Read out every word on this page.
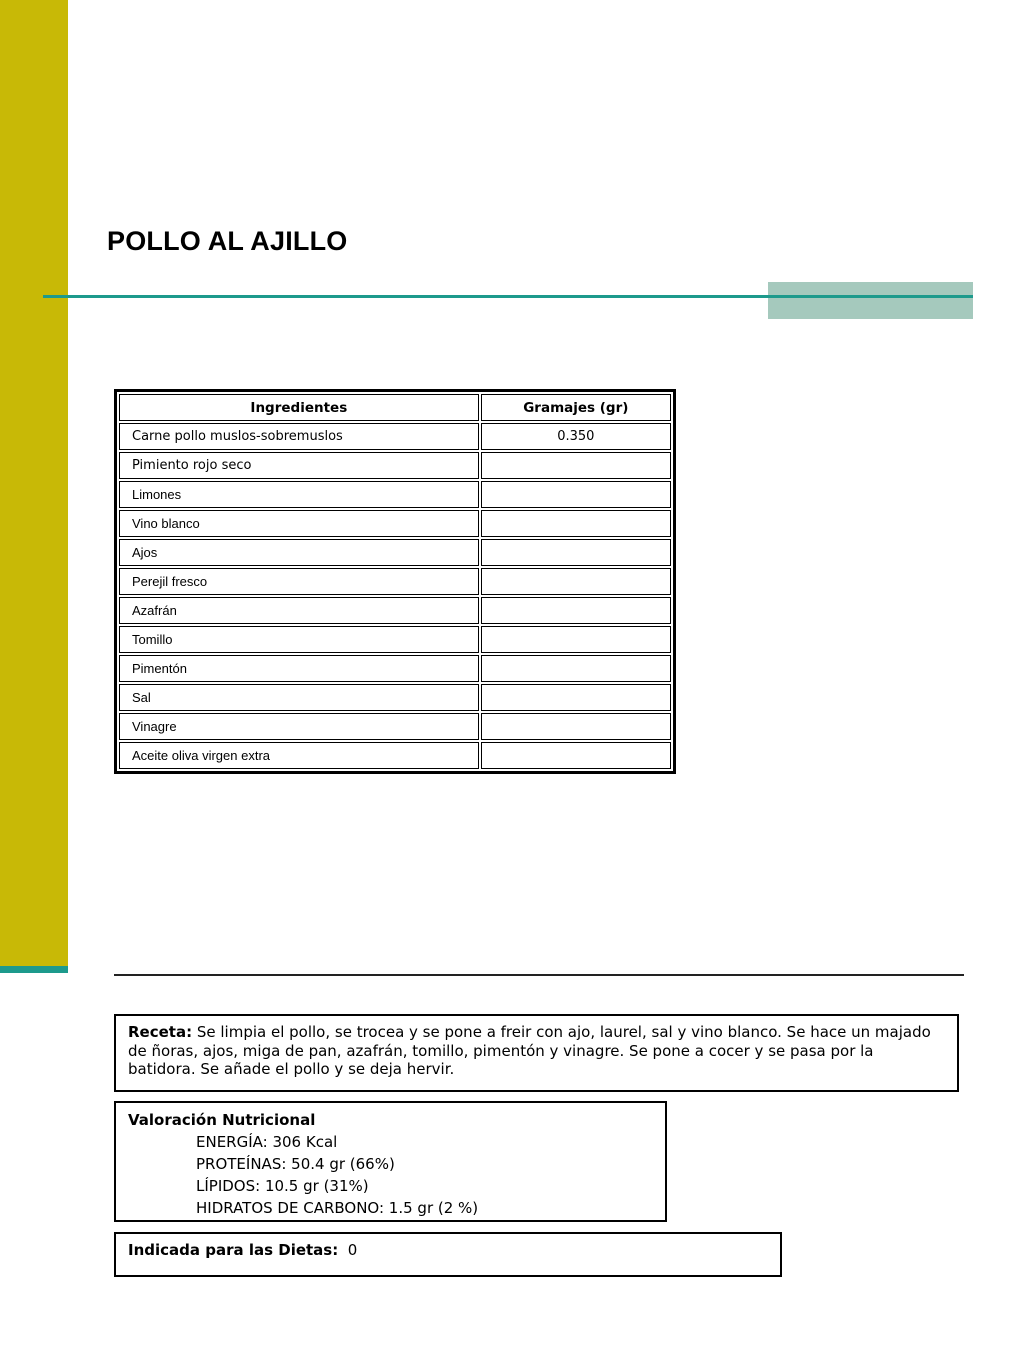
POLLO AL AJILLO
Ingredientes	Gramajes (gr)
Carne pollo muslos-sobremuslos	0.350
Pimiento rojo seco	
Limones	
Vino blanco	
Ajos	
Perejil fresco	
Azafrán	
Tomillo	
Pimentón	
Sal	
Vinagre	
Aceite oliva virgen extra	
Receta: Se limpia el pollo, se trocea y se pone a freir con ajo, laurel, sal y vino blanco. Se hace un majado de ñoras, ajos, miga de pan, azafrán, tomillo, pimentón y vinagre. Se pone a cocer y se pasa por la batidora. Se añade el pollo y se deja hervir.
Valoración Nutricional
ENERGÍA: 306 Kcal
PROTEÍNAS: 50.4 gr (66%)
LÍPIDOS: 10.5 gr (31%)
HIDRATOS DE CARBONO: 1.5 gr (2 %)
Indicada para las Dietas: 0
